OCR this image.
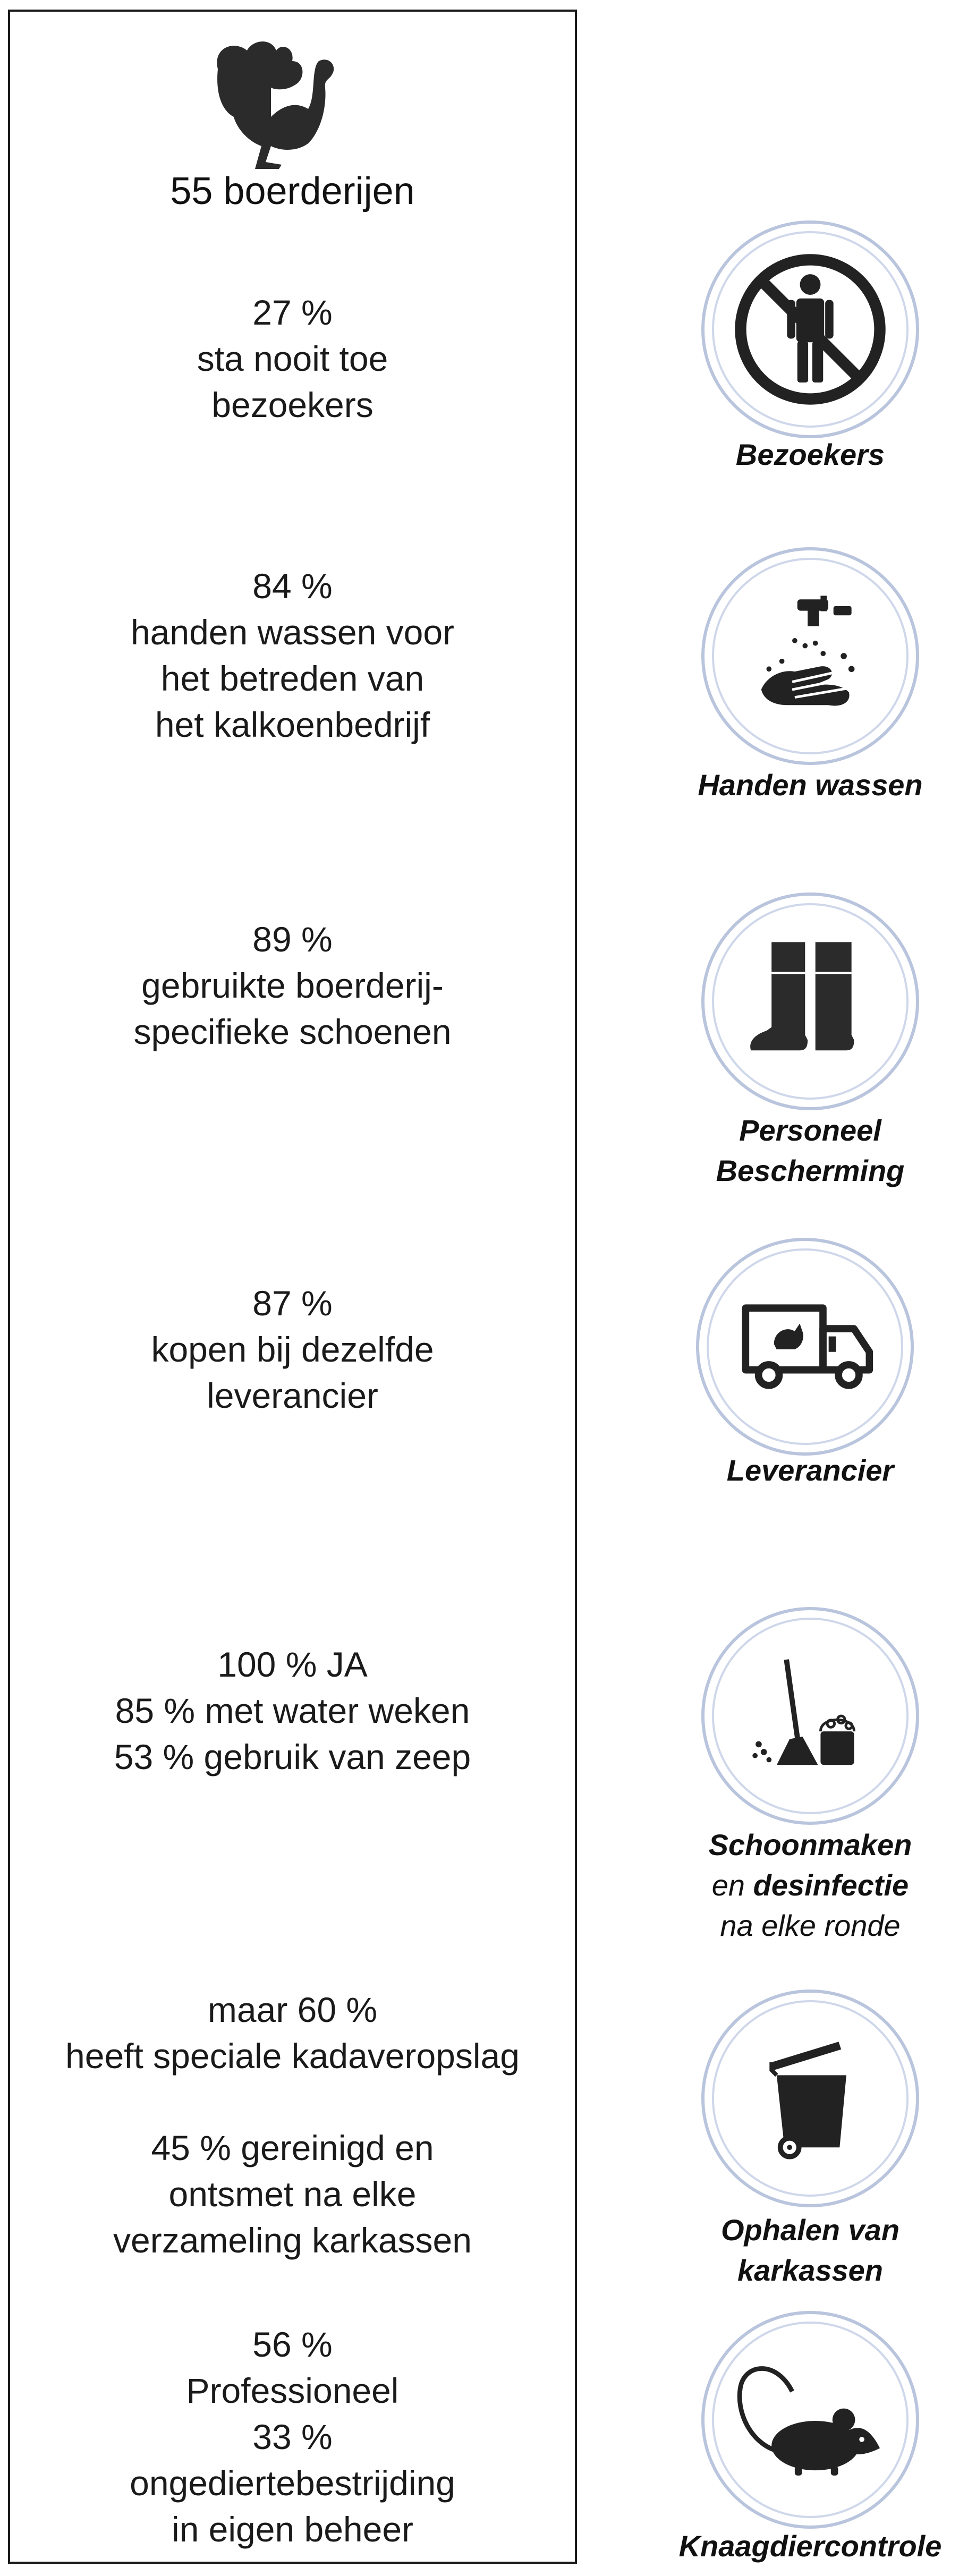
55 boerderijen
27 %
sta nooit toe
bezoekers
84 %
handen wassen voor
het betreden van
het kalkoenbedrijf
89 %
gebruikte boerderij-
specifieke schoenen
87 %
kopen bij dezelfde
leverancier
100 % JA
85 % met water weken
53 % gebruik van zeep
maar 60 %
heeft speciale kadaveropslag
45 % gereinigd en
ontsmet na elke
verzameling karkassen
56 %
Professioneel
33 %
ongediertebestrijding
in eigen beheer
Bezoekers
Handen wassen
Personeel
Bescherming
Leverancier
Schoonmaken
en desinfectie
na elke ronde
Ophalen van
karkassen
Knaagdiercontrole
